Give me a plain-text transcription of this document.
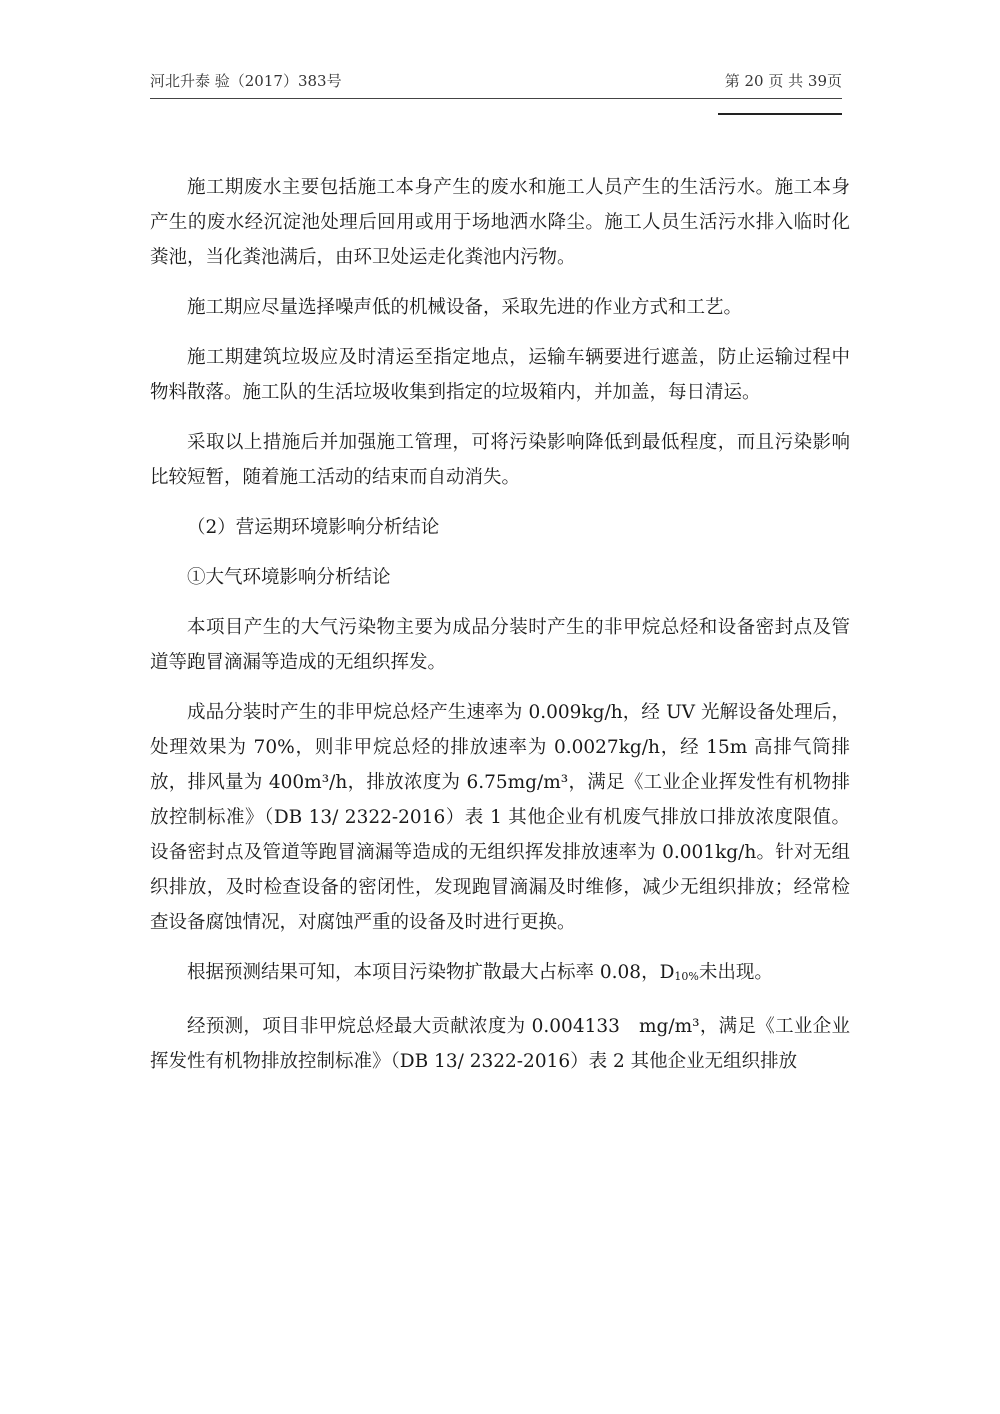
河北升泰 验（2017）383号	第 20 页 共 39页

施工期废水主要包括施工本身产生的废水和施工人员产生的生活污水。施工本身产生的废水经沉淀池处理后回用或用于场地洒水降尘。施工人员生活污水排入临时化粪池，当化粪池满后，由环卫处运走化粪池内污物。

施工期应尽量选择噪声低的机械设备，采取先进的作业方式和工艺。

施工期建筑垃圾应及时清运至指定地点，运输车辆要进行遮盖，防止运输过程中物料散落。施工队的生活垃圾收集到指定的垃圾箱内，并加盖，每日清运。

采取以上措施后并加强施工管理，可将污染影响降低到最低程度，而且污染影响比较短暂，随着施工活动的结束而自动消失。

（2）营运期环境影响分析结论

①大气环境影响分析结论

本项目产生的大气污染物主要为成品分装时产生的非甲烷总烃和设备密封点及管道等跑冒滴漏等造成的无组织挥发。

成品分装时产生的非甲烷总烃产生速率为 0.009kg/h，经 UV 光解设备处理后，处理效果为 70%，则非甲烷总烃的排放速率为 0.0027kg/h，经 15m 高排气筒排放，排风量为 400m³/h，排放浓度为 6.75mg/m³，满足《工业企业挥发性有机物排放控制标准》（DB 13/ 2322-2016）表 1 其他企业有机废气排放口排放浓度限值。设备密封点及管道等跑冒滴漏等造成的无组织挥发排放速率为 0.001kg/h。针对无组织排放，及时检查设备的密闭性，发现跑冒滴漏及时维修，减少无组织排放；经常检查设备腐蚀情况，对腐蚀严重的设备及时进行更换。

根据预测结果可知，本项目污染物扩散最大占标率 0.08，$D_{10\%}$未出现。

经预测，项目非甲烷总烃最大贡献浓度为 0.004133　mg/m³，满足《工业企业挥发性有机物排放控制标准》（DB 13/ 2322-2016）表 2 其他企业无组织排放
